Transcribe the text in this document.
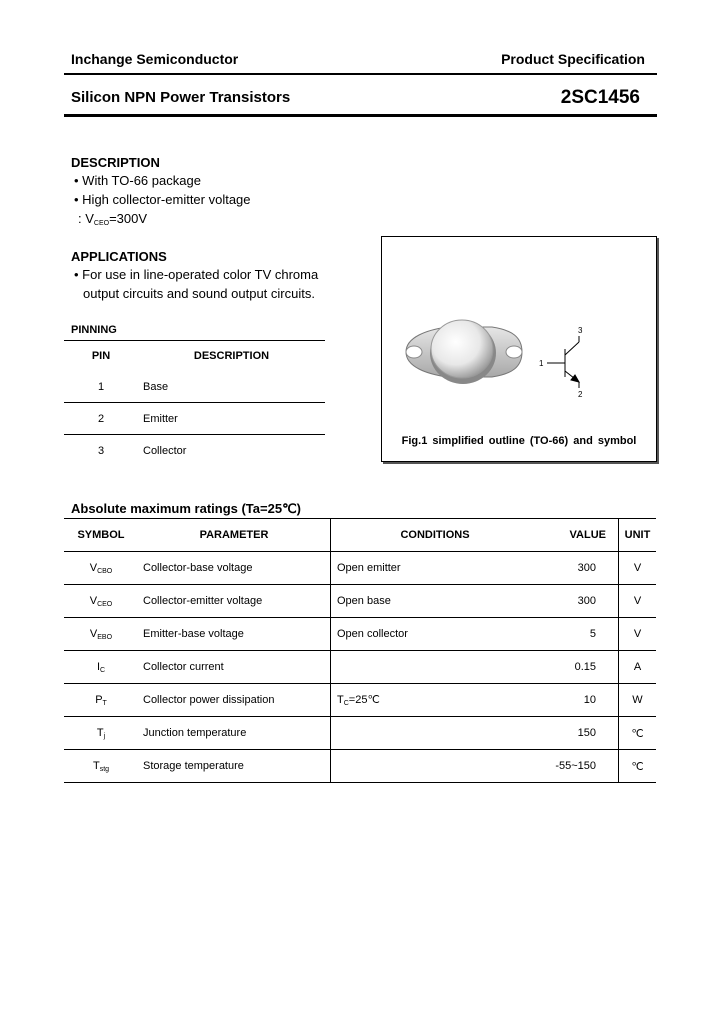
Inchange Semiconductor	Product Specification
Silicon NPN Power Transistors	2SC1456
DESCRIPTION
• With TO-66 package
• High collector-emitter voltage
: $V_{CEO}=300V$
APPLICATIONS
• For use in line-operated color TV chroma
output circuits and sound output circuits.
PINNING
PIN	DESCRIPTION
1	Base
2	Emitter
3	Collector
3
1
2
Fig.1 simplified outline (TO-66) and symbol
Absolute maximum ratings (Ta=25℃)
SYMBOL	PARAMETER	CONDITIONS	VALUE	UNIT
$V_{CBO}$	Collector-base voltage	Open emitter	300	V
$V_{CEO}$	Collector-emitter voltage	Open base	300	V
$V_{EBO}$	Emitter-base voltage	Open collector	5	V
$I_C$	Collector current		0.15	A
$P_T$	Collector power dissipation	$T_C=25℃$	10	W
$T_j$	Junction temperature		150	℃
$T_{stg}$	Storage temperature		-55~150	℃
